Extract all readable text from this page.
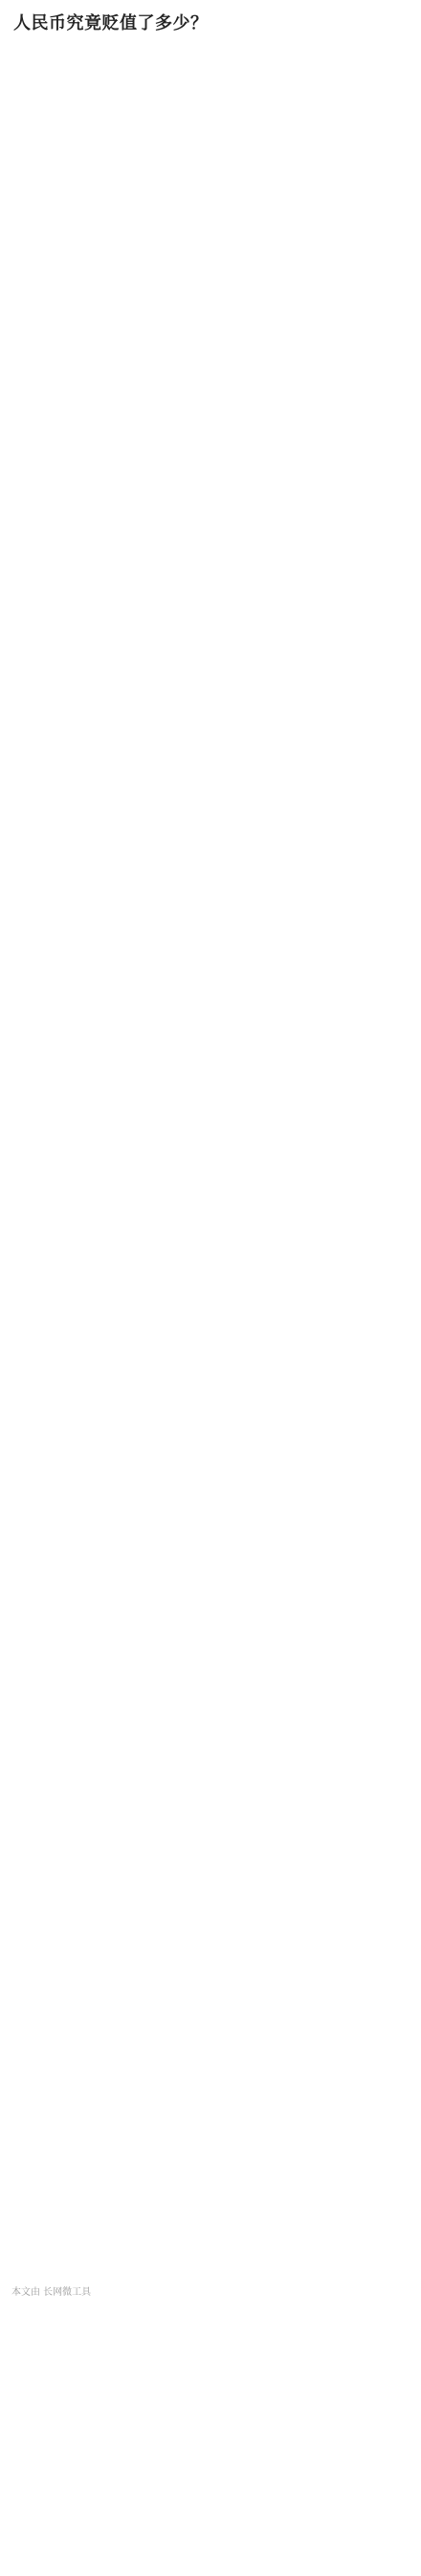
人民币究竟贬值了多少？

本文由 长网微工具
